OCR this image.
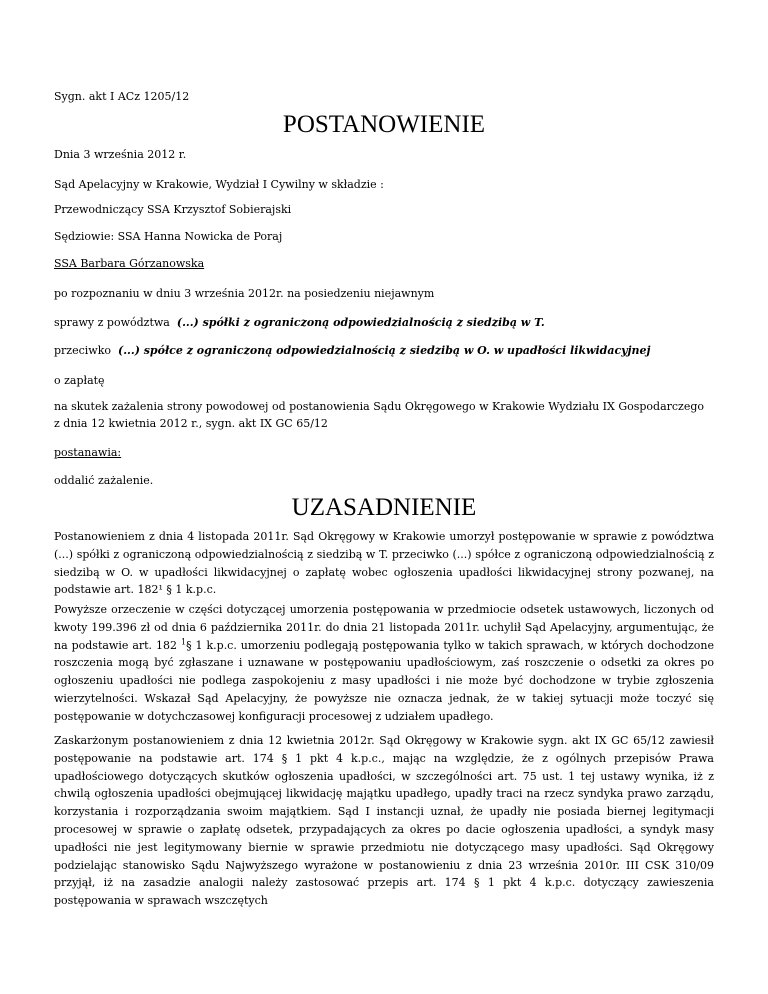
Sygn. akt I ACz 1205/12

POSTANOWIENIE

Dnia 3 września 2012 r.

Sąd Apelacyjny w Krakowie, Wydział I Cywilny w składzie :

Przewodniczący SSA Krzysztof Sobierajski

Sędziowie: SSA Hanna Nowicka de Poraj

SSA Barbara Górzanowska

po rozpoznaniu w dniu 3 września 2012r. na posiedzeniu niejawnym

sprawy z powództwa (...) spółki z ograniczoną odpowiedzialnością z siedzibą w T.

przeciwko (...) spółce z ograniczoną odpowiedzialnością z siedzibą w O. w upadłości likwidacyjnej

o zapłatę

na skutek zażalenia strony powodowej od postanowienia Sądu Okręgowego w Krakowie Wydziału IX Gospodarczego

z dnia 12 kwietnia 2012 r., sygn. akt IX GC 65/12

postanawia:

oddalić zażalenie.

UZASADNIENIE

Postanowieniem z dnia 4 listopada 2011r. Sąd Okręgowy w Krakowie umorzył postępowanie w sprawie z powództwa (...) spółki z ograniczoną odpowiedzialnością z siedzibą w T. przeciwko (...) spółce z ograniczoną odpowiedzialnością z siedzibą w O. w upadłości likwidacyjnej o zapłatę wobec ogłoszenia upadłości likwidacyjnej strony pozwanej, na podstawie art. 182¹ § 1 k.p.c.

Powyższe orzeczenie w części dotyczącej umorzenia postępowania w przedmiocie odsetek ustawowych, liczonych od kwoty 199.396 zł od dnia 6 października 2011r. do dnia 21 listopada 2011r. uchylił Sąd Apelacyjny, argumentując, że na podstawie art. 182 $^1$§ 1 k.p.c. umorzeniu podlegają postępowania tylko w takich sprawach, w których dochodzone roszczenia mogą być zgłaszane i uznawane w postępowaniu upadłościowym, zaś roszczenie o odsetki za okres po ogłoszeniu upadłości nie podlega zaspokojeniu z masy upadłości i nie może być dochodzone w trybie zgłoszenia wierzytelności. Wskazał Sąd Apelacyjny, że powyższe nie oznacza jednak, że w takiej sytuacji może toczyć się postępowanie w dotychczasowej konfiguracji procesowej z udziałem upadłego.

Zaskarżonym postanowieniem z dnia 12 kwietnia 2012r. Sąd Okręgowy w Krakowie sygn. akt IX GC 65/12 zawiesił postępowanie na podstawie art. 174 § 1 pkt 4 k.p.c., mając na względzie, że z ogólnych przepisów Prawa upadłościowego dotyczących skutków ogłoszenia upadłości, w szczególności art. 75 ust. 1 tej ustawy wynika, iż z chwilą ogłoszenia upadłości obejmującej likwidację majątku upadłego, upadły traci na rzecz syndyka prawo zarządu, korzystania i rozporządzania swoim majątkiem. Sąd I instancji uznał, że upadły nie posiada biernej legitymacji procesowej w sprawie o zapłatę odsetek, przypadających za okres po dacie ogłoszenia upadłości, a syndyk masy upadłości nie jest legitymowany biernie w sprawie przedmiotu nie dotyczącego masy upadłości. Sąd Okręgowy podzielając stanowisko Sądu Najwyższego wyrażone w postanowieniu z dnia 23 września 2010r. III CSK 310/09 przyjął, iż na zasadzie analogii należy zastosować przepis art. 174 § 1 pkt 4 k.p.c. dotyczący zawieszenia postępowania w sprawach wszczętych
